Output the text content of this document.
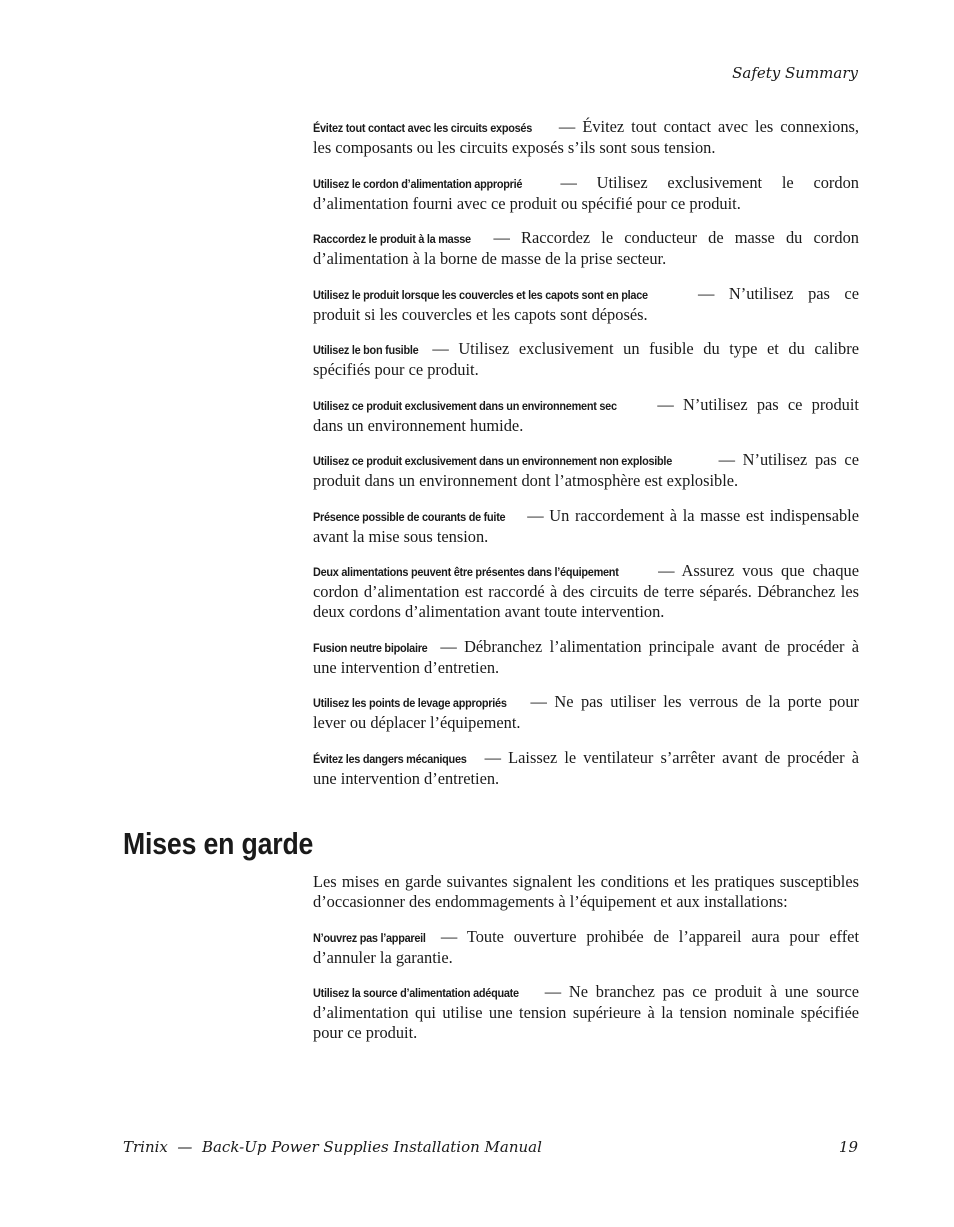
Safety Summary

Évitez tout contact avec les circuits exposés — Évitez tout contact avec les connexions, les composants ou les circuits exposés s’ils sont sous tension.

Utilisez le cordon d’alimentation approprié — Utilisez exclusivement le cordon d’alimentation fourni avec ce produit ou spécifié pour ce produit.

Raccordez le produit à la masse — Raccordez le conducteur de masse du cordon d’alimentation à la borne de masse de la prise secteur.

Utilisez le produit lorsque les couvercles et les capots sont en place	— N’utilisez pas ce produit si les couvercles et les capots sont déposés.

Utilisez le bon fusible — Utilisez exclusivement un fusible du type et du calibre spécifiés pour ce produit.

Utilisez ce produit exclusivement dans un environnement sec — N’utilisez pas ce produit dans un environnement humide.

Utilisez ce produit exclusivement dans un environnement non explosible	— N’utilisez pas ce produit dans un environnement dont l’atmosphère est explosible.

Présence possible de courants de fuite — Un raccordement à la masse est indispensable avant la mise sous tension.

Deux alimentations peuvent être présentes dans l’équipement — Assurez vous que chaque cordon d’alimentation est raccordé à des circuits de terre séparés. Débranchez les deux cordons d’alimentation avant toute intervention.

Fusion neutre bipolaire — Débranchez l’alimentation principale avant de procéder à une intervention d’entretien.

Utilisez les points de levage appropriés — Ne pas utiliser les verrous de la porte pour lever ou déplacer l’équipement.

Évitez les dangers mécaniques — Laissez le ventilateur s’arrêter avant de procéder à une intervention d’entretien.

Mises en garde

Les mises en garde suivantes signalent les conditions et les pratiques susceptibles d’occasionner des endommagements à l’équipement et aux installations:

N’ouvrez pas l’appareil — Toute ouverture prohibée de l’appareil aura pour effet d’annuler la garantie.

Utilisez la source d’alimentation adéquate — Ne branchez pas ce produit à une source d’alimentation qui utilise une tension supérieure à la tension nominale spécifiée pour ce produit.

Trinix  —  Back-Up Power Supplies Installation Manual	19
